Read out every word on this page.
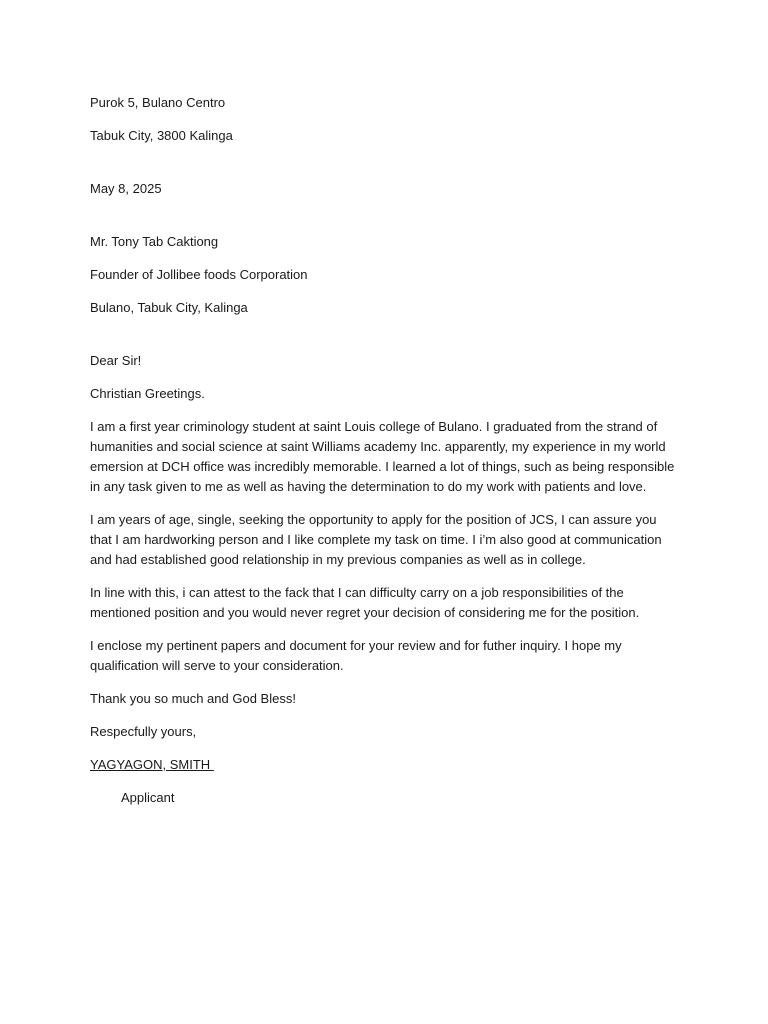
Purok 5, Bulano Centro
Tabuk City, 3800 Kalinga
May 8, 2025
Mr. Tony Tab Caktiong
Founder of Jollibee foods Corporation
Bulano, Tabuk City, Kalinga
Dear Sir!
Christian Greetings.
I am a first year criminology student at saint Louis college of Bulano. I graduated from the strand of humanities and social science at saint Williams academy Inc. apparently, my experience in my world emersion at DCH office was incredibly memorable. I learned a lot of things, such as being responsible in any task given to me as well as having the determination to do my work with patients and love.
I am years of age, single, seeking the opportunity to apply for the position of JCS, I can assure you that I am hardworking person and I like complete my task on time. I i’m also good at communication and had established good relationship in my previous companies as well as in college.
In line with this, i can attest to the fack that I can difficulty carry on a job responsibilities of the mentioned position and you would never regret your decision of considering me for the position.
I enclose my pertinent papers and document for your review and for futher inquiry. I hope my qualification will serve to your consideration.
Thank you so much and God Bless!
Respecfully yours,
YAGYAGON, SMITH
Applicant
